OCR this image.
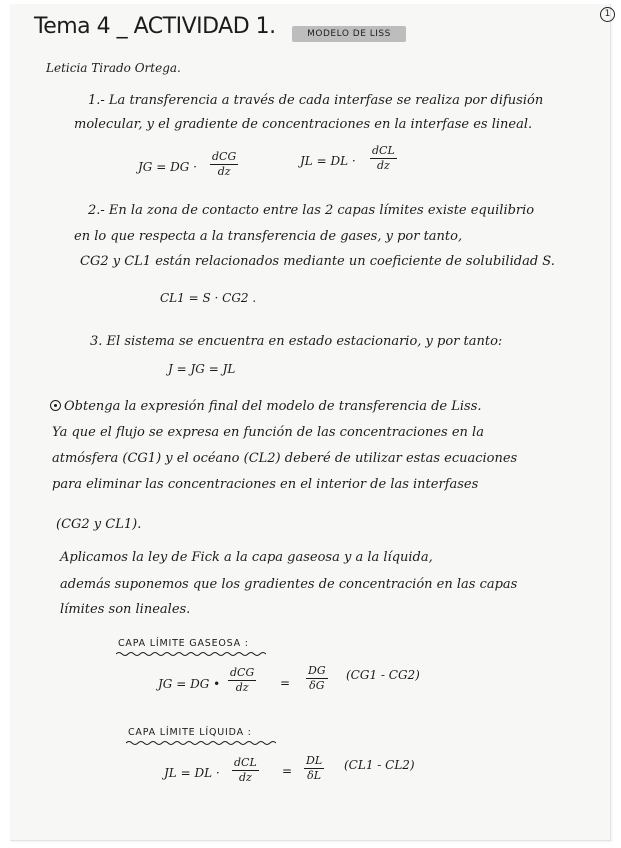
Tema 4 _ ACTIVIDAD 1.	MODELO DE LISS
1
Leticia Tirado Ortega.
1.- La transferencia a través de cada interfase se realiza por difusión
molecular, y el gradiente de concentraciones en la interfase es lineal.
JG = DG ·
dCG
dz
JL = DL ·
dCL
dz
2.- En la zona de contacto entre las 2 capas límites existe equilibrio
en lo que respecta a la transferencia de gases, y por tanto,
CG2 y CL1 están relacionados mediante un coeficiente de solubilidad S.
CL1 = S · CG2 .
3. El sistema se encuentra en estado estacionario, y por tanto:
J = JG = JL
Obtenga la expresión final del modelo de transferencia de Liss.
Ya que el flujo se expresa en función de las concentraciones en la
atmósfera (CG1) y el océano (CL2) deberé de utilizar estas ecuaciones
para eliminar las concentraciones en el interior de las interfases
(CG2 y CL1).
Aplicamos la ley de Fick a la capa gaseosa y a la líquida,
además suponemos que los gradientes de concentración en las capas
límites son lineales.
CAPA LÍMITE GASEOSA :
JG = DG •
dCG
dz	= $\frac{DG}{\delta G} (CG1 - CG2)$
CAPA LÍMITE LÍQUIDA :
JL = DL ·
dCL
dz	= $\frac{DL}{\delta L} (CL1 - CL2)$
